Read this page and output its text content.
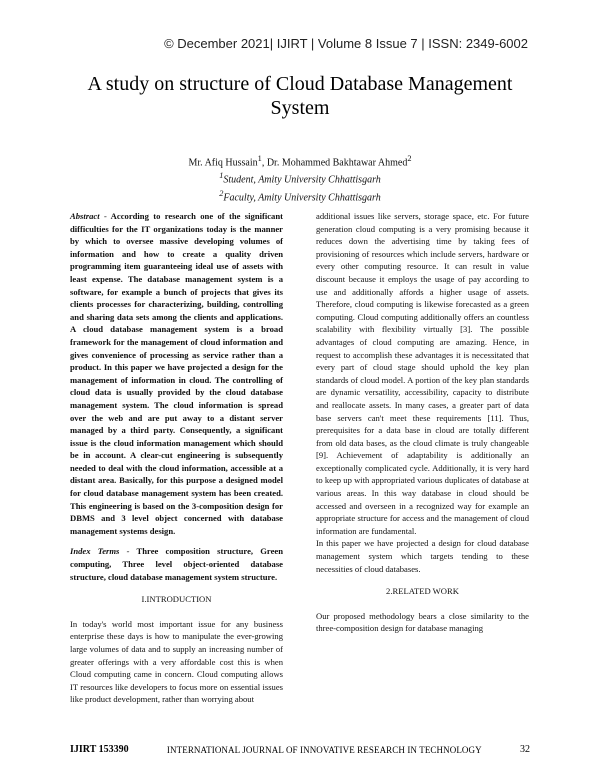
© December 2021| IJIRT | Volume 8 Issue 7 | ISSN: 2349-6002
A study on structure of Cloud Database Management
System
Mr. Afiq Hussain$^1$, Dr. Mohammed Bakhtawar Ahmed$^2$
$^1$Student, Amity University Chhattisgarh
$^2$Faculty, Amity University Chhattisgarh

Abstract - According to research one of the significant difficulties for the IT organizations today is the manner by which to oversee massive developing volumes of information and how to create a quality driven programming item guaranteeing ideal use of assets with least expense. The database management system is a software, for example a bunch of projects that gives its clients processes for characterizing, building, controlling and sharing data sets among the clients and applications. A cloud database management system is a broad framework for the management of cloud information and gives convenience of processing as service rather than a product. In this paper we have projected a design for the management of information in cloud. The controlling of cloud data is usually provided by the cloud database management system. The cloud information is spread over the web and are put away to a distant server managed by a third party. Consequently, a significant issue is the cloud information management which should be in account. A clear-cut engineering is subsequently needed to deal with the cloud information, accessible at a distant area. Basically, for this purpose a designed model for cloud database management system has been created. This engineering is based on the 3-composition design for DBMS and 3 level object concerned with database management systems design.

Index Terms - Three composition structure, Green computing, Three level object-oriented database structure, cloud database management system structure.

I.INTRODUCTION

In today's world most important issue for any business enterprise these days is how to manipulate the ever-growing large volumes of data and to supply an increasing number of greater offerings with a very affordable cost this is when Cloud computing came in concern. Cloud computing allows IT resources like developers to focus more on essential issues like product development, rather than worrying about

additional issues like servers, storage space, etc. For future generation cloud computing is a very promising because it reduces down the advertising time by taking fees of provisioning of resources which include servers, hardware or every other computing resource. It can result in value discount because it employs the usage of pay according to use and additionally affords a higher usage of assets. Therefore, cloud computing is likewise forecasted as a green computing. Cloud computing additionally offers an countless scalability with flexibility virtually [3]. The possible advantages of cloud computing are amazing. Hence, in request to accomplish these advantages it is necessitated that every part of cloud stage should uphold the key plan standards of cloud model. A portion of the key plan standards are dynamic versatility, accessibility, capacity to distribute and reallocate assets. In many cases, a greater part of data base servers can't meet these requirements [11]. Thus, prerequisites for a data base in cloud are totally different from old data bases, as the cloud climate is truly changeable [9]. Achievement of adaptability is additionally an exceptionally complicated cycle. Additionally, it is very hard to keep up with appropriated various duplicates of database at various areas. In this way database in cloud should be accessed and overseen in a recognized way for example an appropriate structure for access and the management of cloud information are fundamental.

In this paper we have projected a design for cloud database management system which targets tending to these necessities of cloud databases.

2.RELATED WORK

Our proposed methodology bears a close similarity to the three-composition design for database managing

IJIRT 153390	INTERNATIONAL JOURNAL OF INNOVATIVE RESEARCH IN TECHNOLOGY	32
